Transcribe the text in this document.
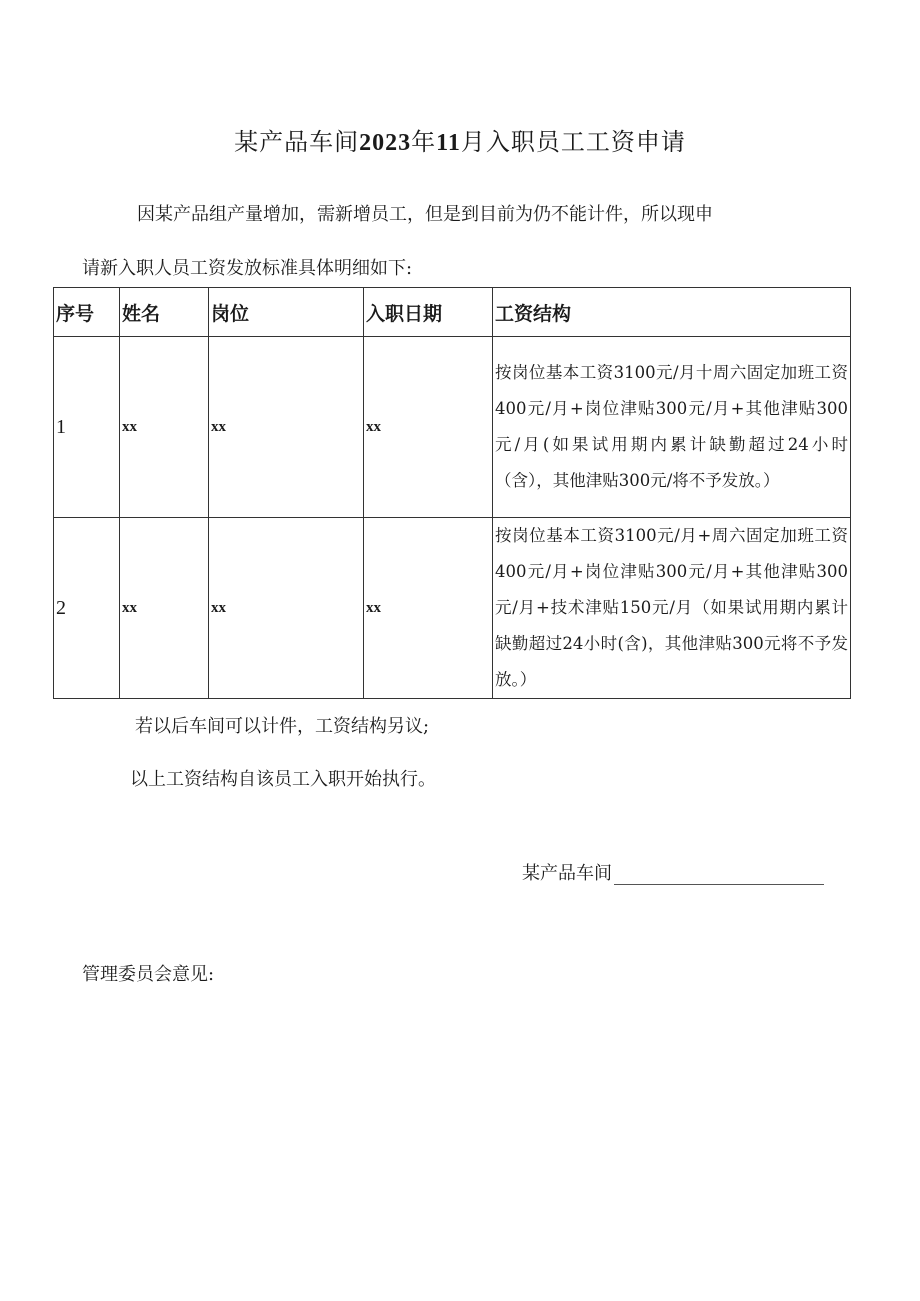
某产品车间2023年11月入职员工工资申请
因某产品组产量增加，需新增员工，但是到目前为仍不能计件，所以现申
请新入职人员工资发放标准具体明细如下:
序号	姓名	岗位	入职日期	工资结构
1	xx	xx	xx	按岗位基本工资3100元/月十周六固定加班工资400元/月+岗位津贴300元/月+其他津贴300元/月(如果试用期内累计缺勤超过24小时（含），其他津贴300元/将不予发放。）
2	xx	xx	xx	按岗位基本工资3100元/月+周六固定加班工资400元/月+岗位津贴300元/月+其他津贴300元/月+技术津贴150元/月（如果试用期内累计缺勤超过24小时(含)，其他津贴300元将不予发放。）
若以后车间可以计件，工资结构另议;
以上工资结构自该员工入职开始执行。
某产品车间
管理委员会意见:
